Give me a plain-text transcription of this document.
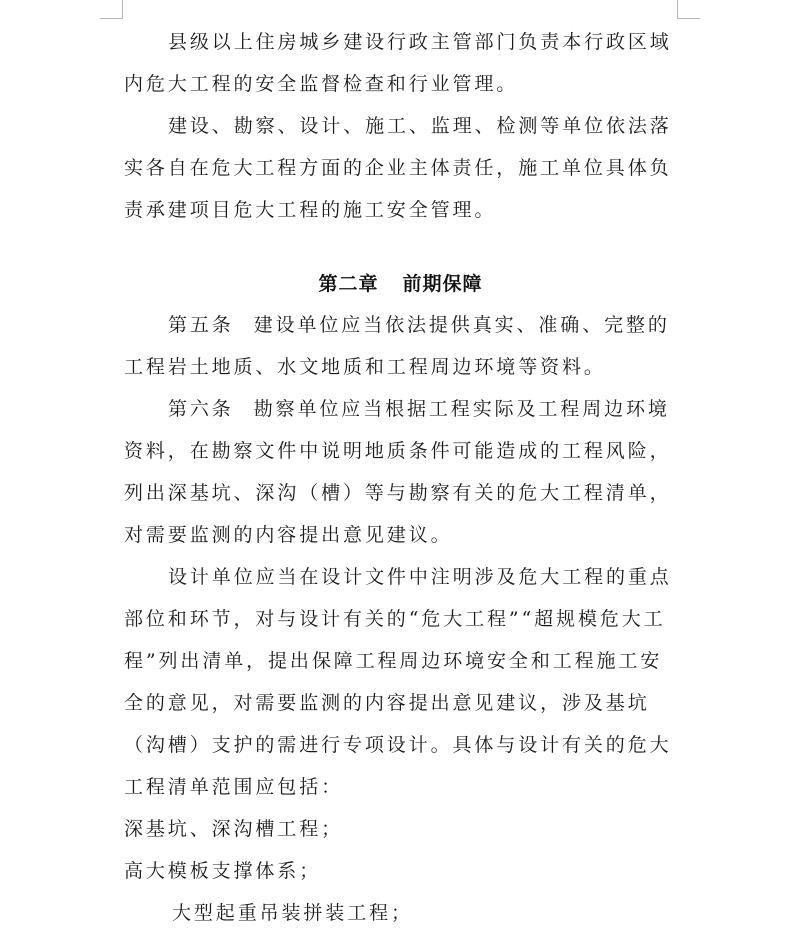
县级以上住房城乡建设行政主管部门负责本行政区域内危大工程的安全监督检查和行业管理。

建设、勘察、设计、施工、监理、检测等单位依法落实各自在危大工程方面的企业主体责任，施工单位具体负责承建项目危大工程的施工安全管理。

第二章 前期保障

第五条 建设单位应当依法提供真实、准确、完整的工程岩土地质、水文地质和工程周边环境等资料。

第六条 勘察单位应当根据工程实际及工程周边环境资料，在勘察文件中说明地质条件可能造成的工程风险，列出深基坑、深沟（槽）等与勘察有关的危大工程清单，对需要监测的内容提出意见建议。

设计单位应当在设计文件中注明涉及危大工程的重点部位和环节，对与设计有关的“危大工程”“超规模危大工程”列出清单，提出保障工程周边环境安全和工程施工安全的意见，对需要监测的内容提出意见建议，涉及基坑（沟槽）支护的需进行专项设计。具体与设计有关的危大工程清单范围应包括：

深基坑、深沟槽工程；

高大模板支撑体系；

大型起重吊装拼装工程；
